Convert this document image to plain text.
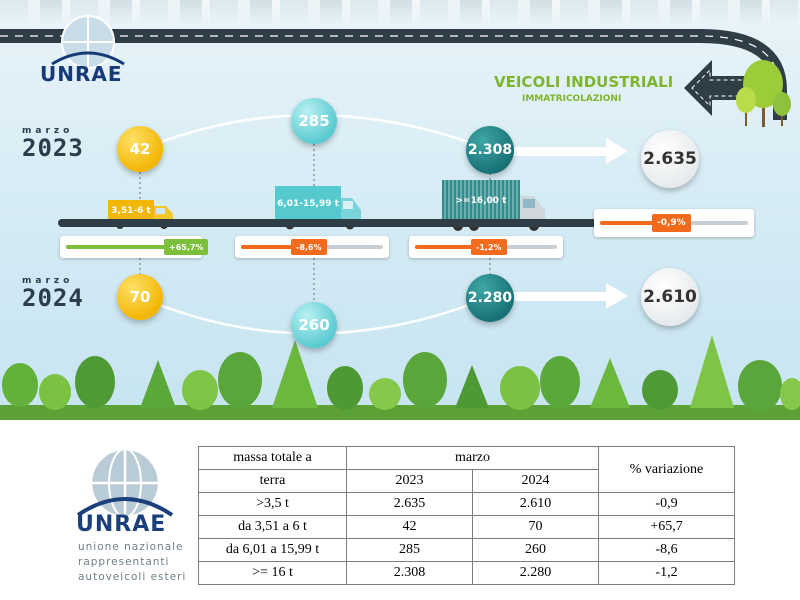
UNRAE	VEICOLI INDUSTRIALI
IMMATRICOLAZIONI
marzo
2023
marzo
2024
3,51-6 t
6,01-15,99 t	>=16,00 t
42
285
2.308	2.635
70
260
2.280	2.610
+65,7%	-8,6%	-1,2%
-0,9%
UNRAE
unione nazionale
rappresentanti
autoveicoli esteri
massa totale a	marzo		% variazione
terra	2023	2024	
>3,5 t	2.635	2.610	-0,9
da 3,51 a 6 t	42	70	+65,7
da 6,01 a 15,99 t	285	260	-8,6
>= 16 t	2.308	2.280	-1,2
